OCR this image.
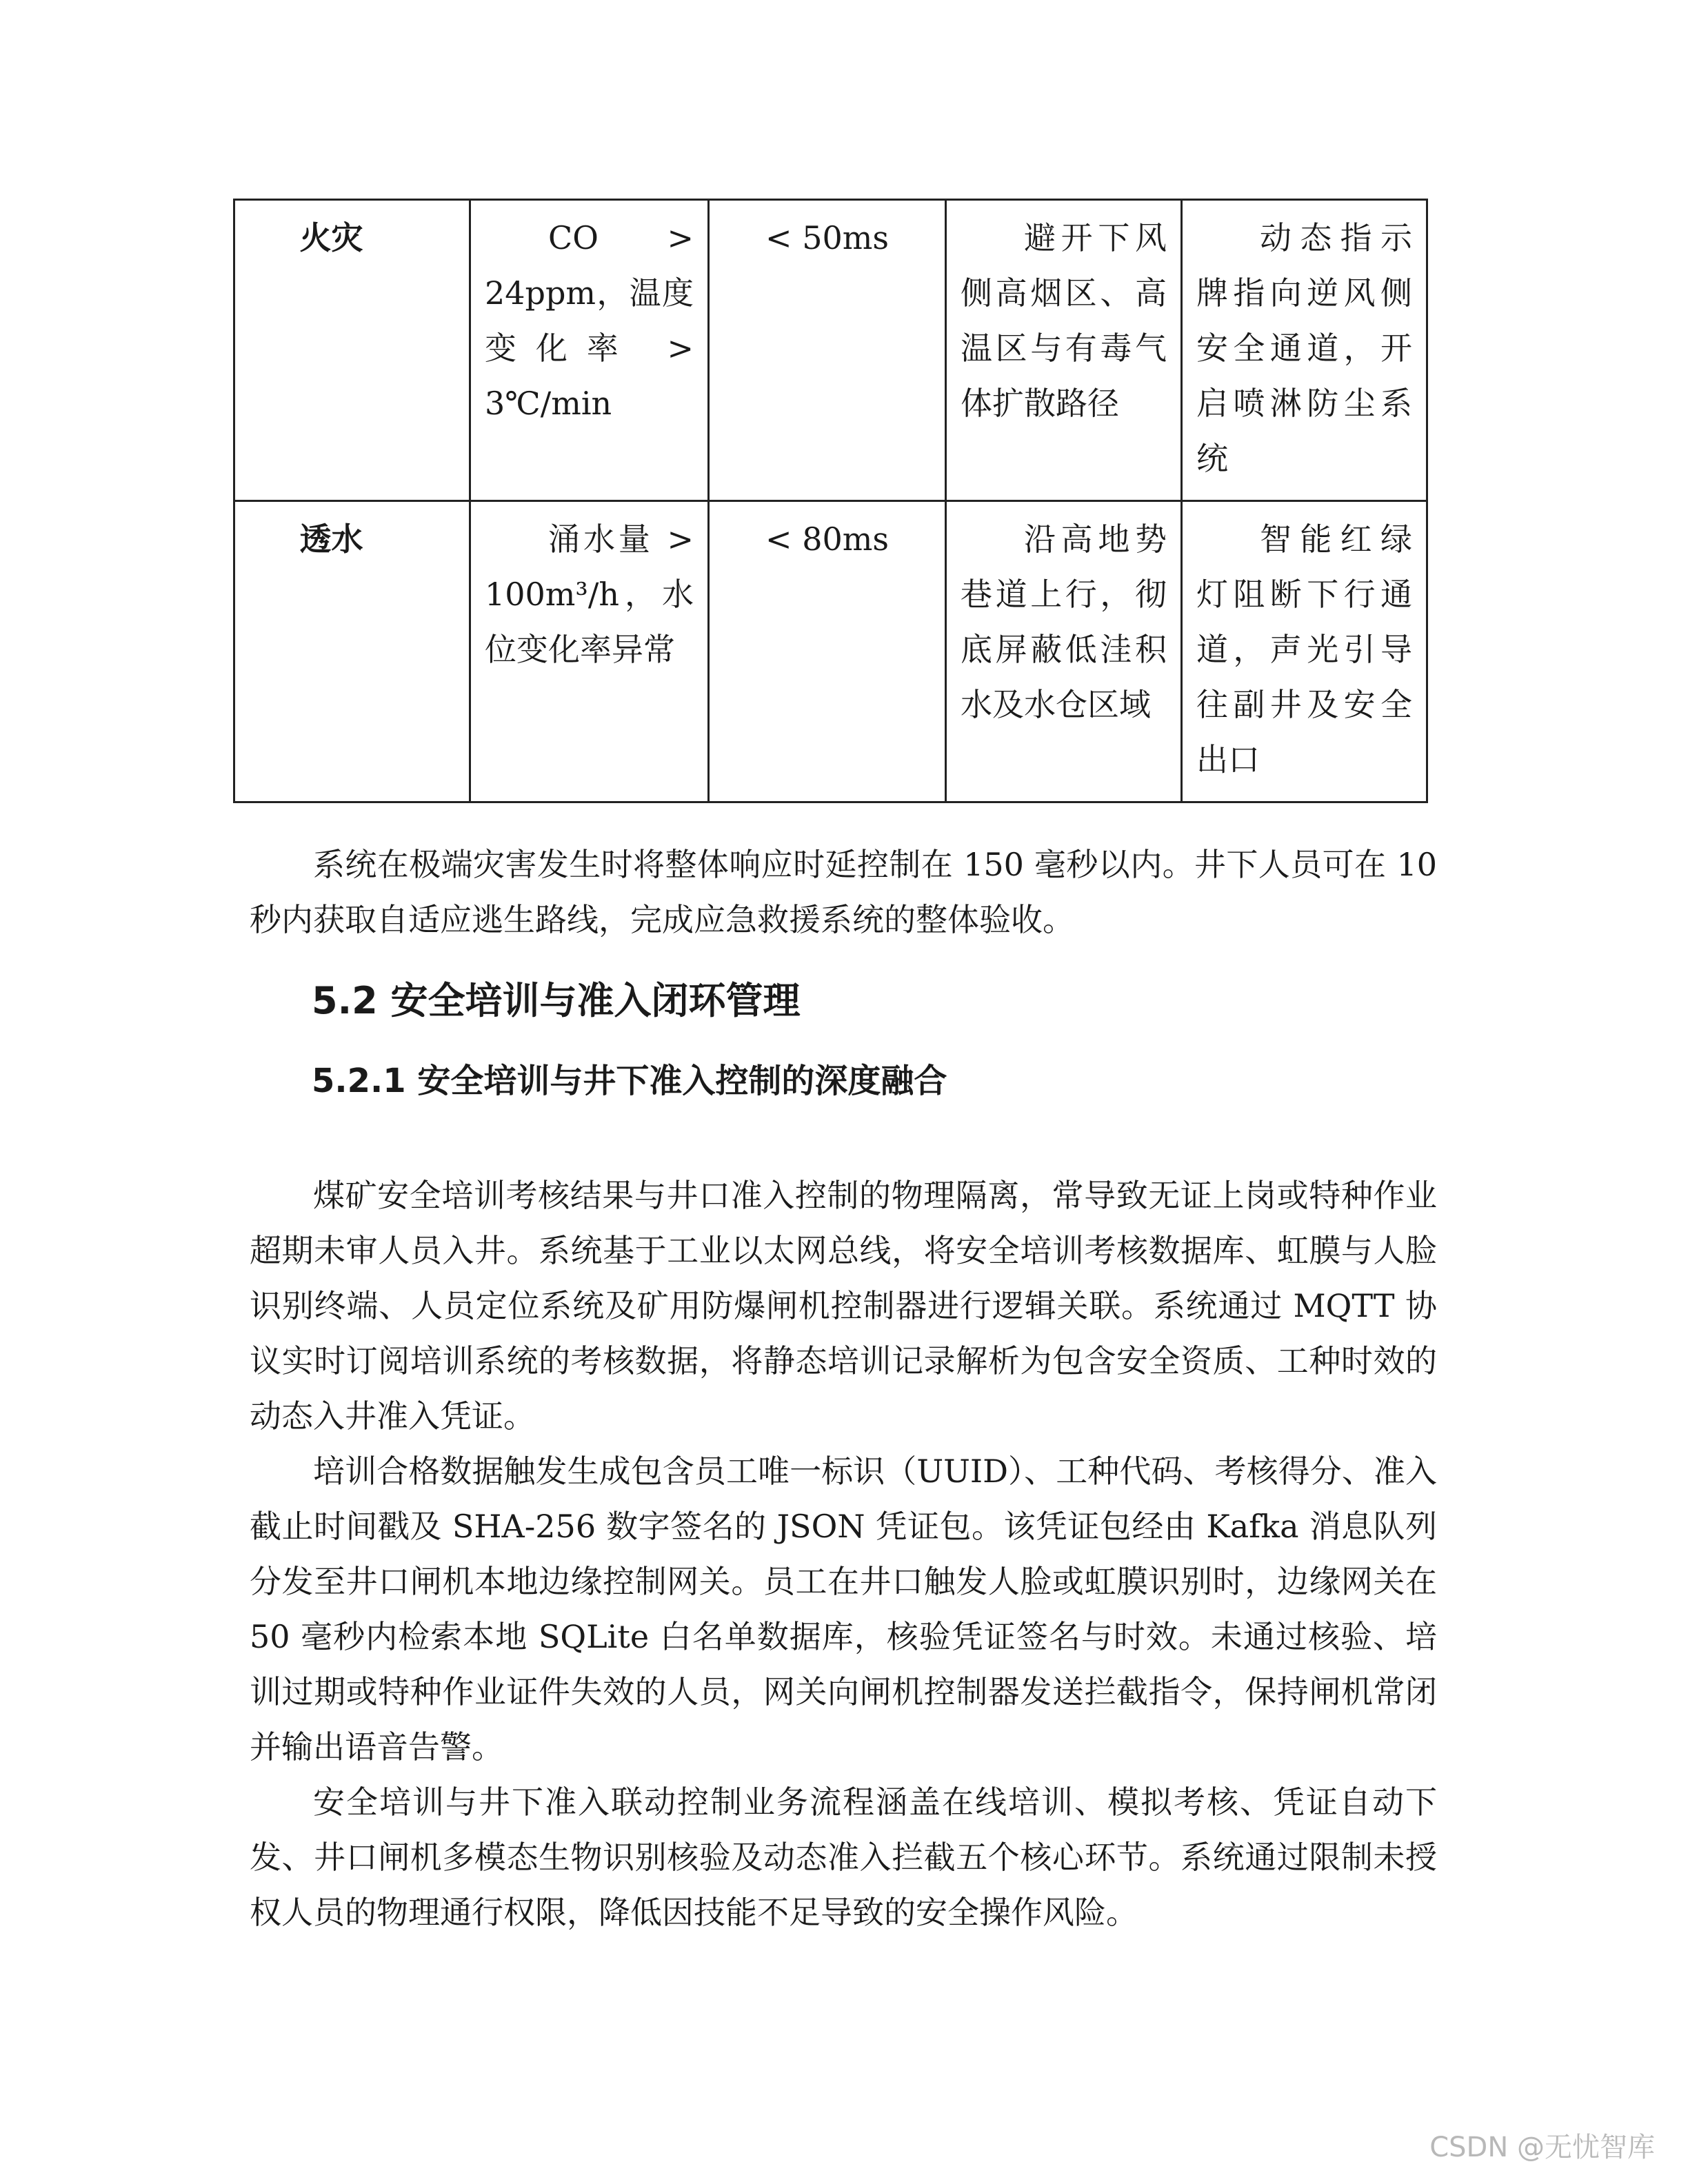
火灾	CO > 24ppm，温度变化率 > 3℃/min	< 50ms	避开下风侧高烟区、高温区与有毒气体扩散路径	动态指示牌指向逆风侧安全通道，开启喷淋防尘系统
透水	涌水量 > 100m³/h，水位变化率异常	< 80ms	沿高地势巷道上行，彻底屏蔽低洼积水及水仓区域	智能红绿灯阻断下行通道，声光引导往副井及安全出口

系统在极端灾害发生时将整体响应时延控制在 150 毫秒以内。井下人员可在 10 秒内获取自适应逃生路线，完成应急救援系统的整体验收。

5.2 安全培训与准入闭环管理
5.2.1 安全培训与井下准入控制的深度融合

煤矿安全培训考核结果与井口准入控制的物理隔离，常导致无证上岗或特种作业超期未审人员入井。系统基于工业以太网总线，将安全培训考核数据库、虹膜与人脸识别终端、人员定位系统及矿用防爆闸机控制器进行逻辑关联。系统通过 MQTT 协议实时订阅培训系统的考核数据，将静态培训记录解析为包含安全资质、工种时效的动态入井准入凭证。

培训合格数据触发生成包含员工唯一标识（UUID）、工种代码、考核得分、准入截止时间戳及 SHA-256 数字签名的 JSON 凭证包。该凭证包经由 Kafka 消息队列分发至井口闸机本地边缘控制网关。员工在井口触发人脸或虹膜识别时，边缘网关在 50 毫秒内检索本地 SQLite 白名单数据库，核验凭证签名与时效。未通过核验、培训过期或特种作业证件失效的人员，网关向闸机控制器发送拦截指令，保持闸机常闭并输出语音告警。

安全培训与井下准入联动控制业务流程涵盖在线培训、模拟考核、凭证自动下发、井口闸机多模态生物识别核验及动态准入拦截五个核心环节。系统通过限制未授权人员的物理通行权限，降低因技能不足导致的安全操作风险。

CSDN @无忧智库
